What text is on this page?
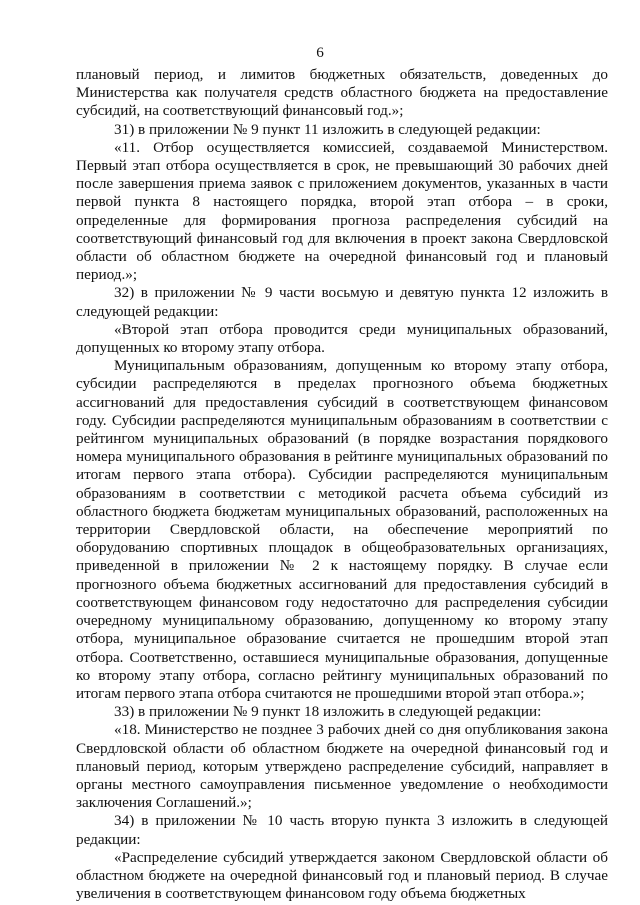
6

плановый период, и лимитов бюджетных обязательств, доведенных до Министерства как получателя средств областного бюджета на предоставление субсидий, на соответствующий финансовый год.»;

31) в приложении № 9 пункт 11 изложить в следующей редакции:

«11. Отбор осуществляется комиссией, создаваемой Министерством. Первый этап отбора осуществляется в срок, не превышающий 30 рабочих дней после завершения приема заявок с приложением документов, указанных в части первой пункта 8 настоящего порядка, второй этап отбора – в сроки, определенные для формирования прогноза распределения субсидий на соответствующий финансовый год для включения в проект закона Свердловской области об областном бюджете на очередной финансовый год и плановый период.»;

32) в приложении № 9 части восьмую и девятую пункта 12 изложить в следующей редакции:

«Второй этап отбора проводится среди муниципальных образований, допущенных ко второму этапу отбора.

Муниципальным образованиям, допущенным ко второму этапу отбора, субсидии распределяются в пределах прогнозного объема бюджетных ассигнований для предоставления субсидий в соответствующем финансовом году. Субсидии распределяются муниципальным образованиям в соответствии с рейтингом муниципальных образований (в порядке возрастания порядкового номера муниципального образования в рейтинге муниципальных образований по итогам первого этапа отбора). Субсидии распределяются муниципальным образованиям в соответствии с методикой расчета объема субсидий из областного бюджета бюджетам муниципальных образований, расположенных на территории Свердловской области, на обеспечение мероприятий по оборудованию спортивных площадок в общеобразовательных организациях, приведенной в приложении № 2 к настоящему порядку. В случае если прогнозного объема бюджетных ассигнований для предоставления субсидий в соответствующем финансовом году недостаточно для распределения субсидии очередному муниципальному образованию, допущенному ко второму этапу отбора, муниципальное образование считается не прошедшим второй этап отбора. Соответственно, оставшиеся муниципальные образования, допущенные ко второму этапу отбора, согласно рейтингу муниципальных образований по итогам первого этапа отбора считаются не прошедшими второй этап отбора.»;

33) в приложении № 9 пункт 18 изложить в следующей редакции:

«18. Министерство не позднее 3 рабочих дней со дня опубликования закона Свердловской области об областном бюджете на очередной финансовый год и плановый период, которым утверждено распределение субсидий, направляет в органы местного самоуправления письменное уведомление о необходимости заключения Соглашений.»;

34) в приложении № 10 часть вторую пункта 3 изложить в следующей редакции:

«Распределение субсидий утверждается законом Свердловской области об областном бюджете на очередной финансовый год и плановый период. В случае увеличения в соответствующем финансовом году объема бюджетных
